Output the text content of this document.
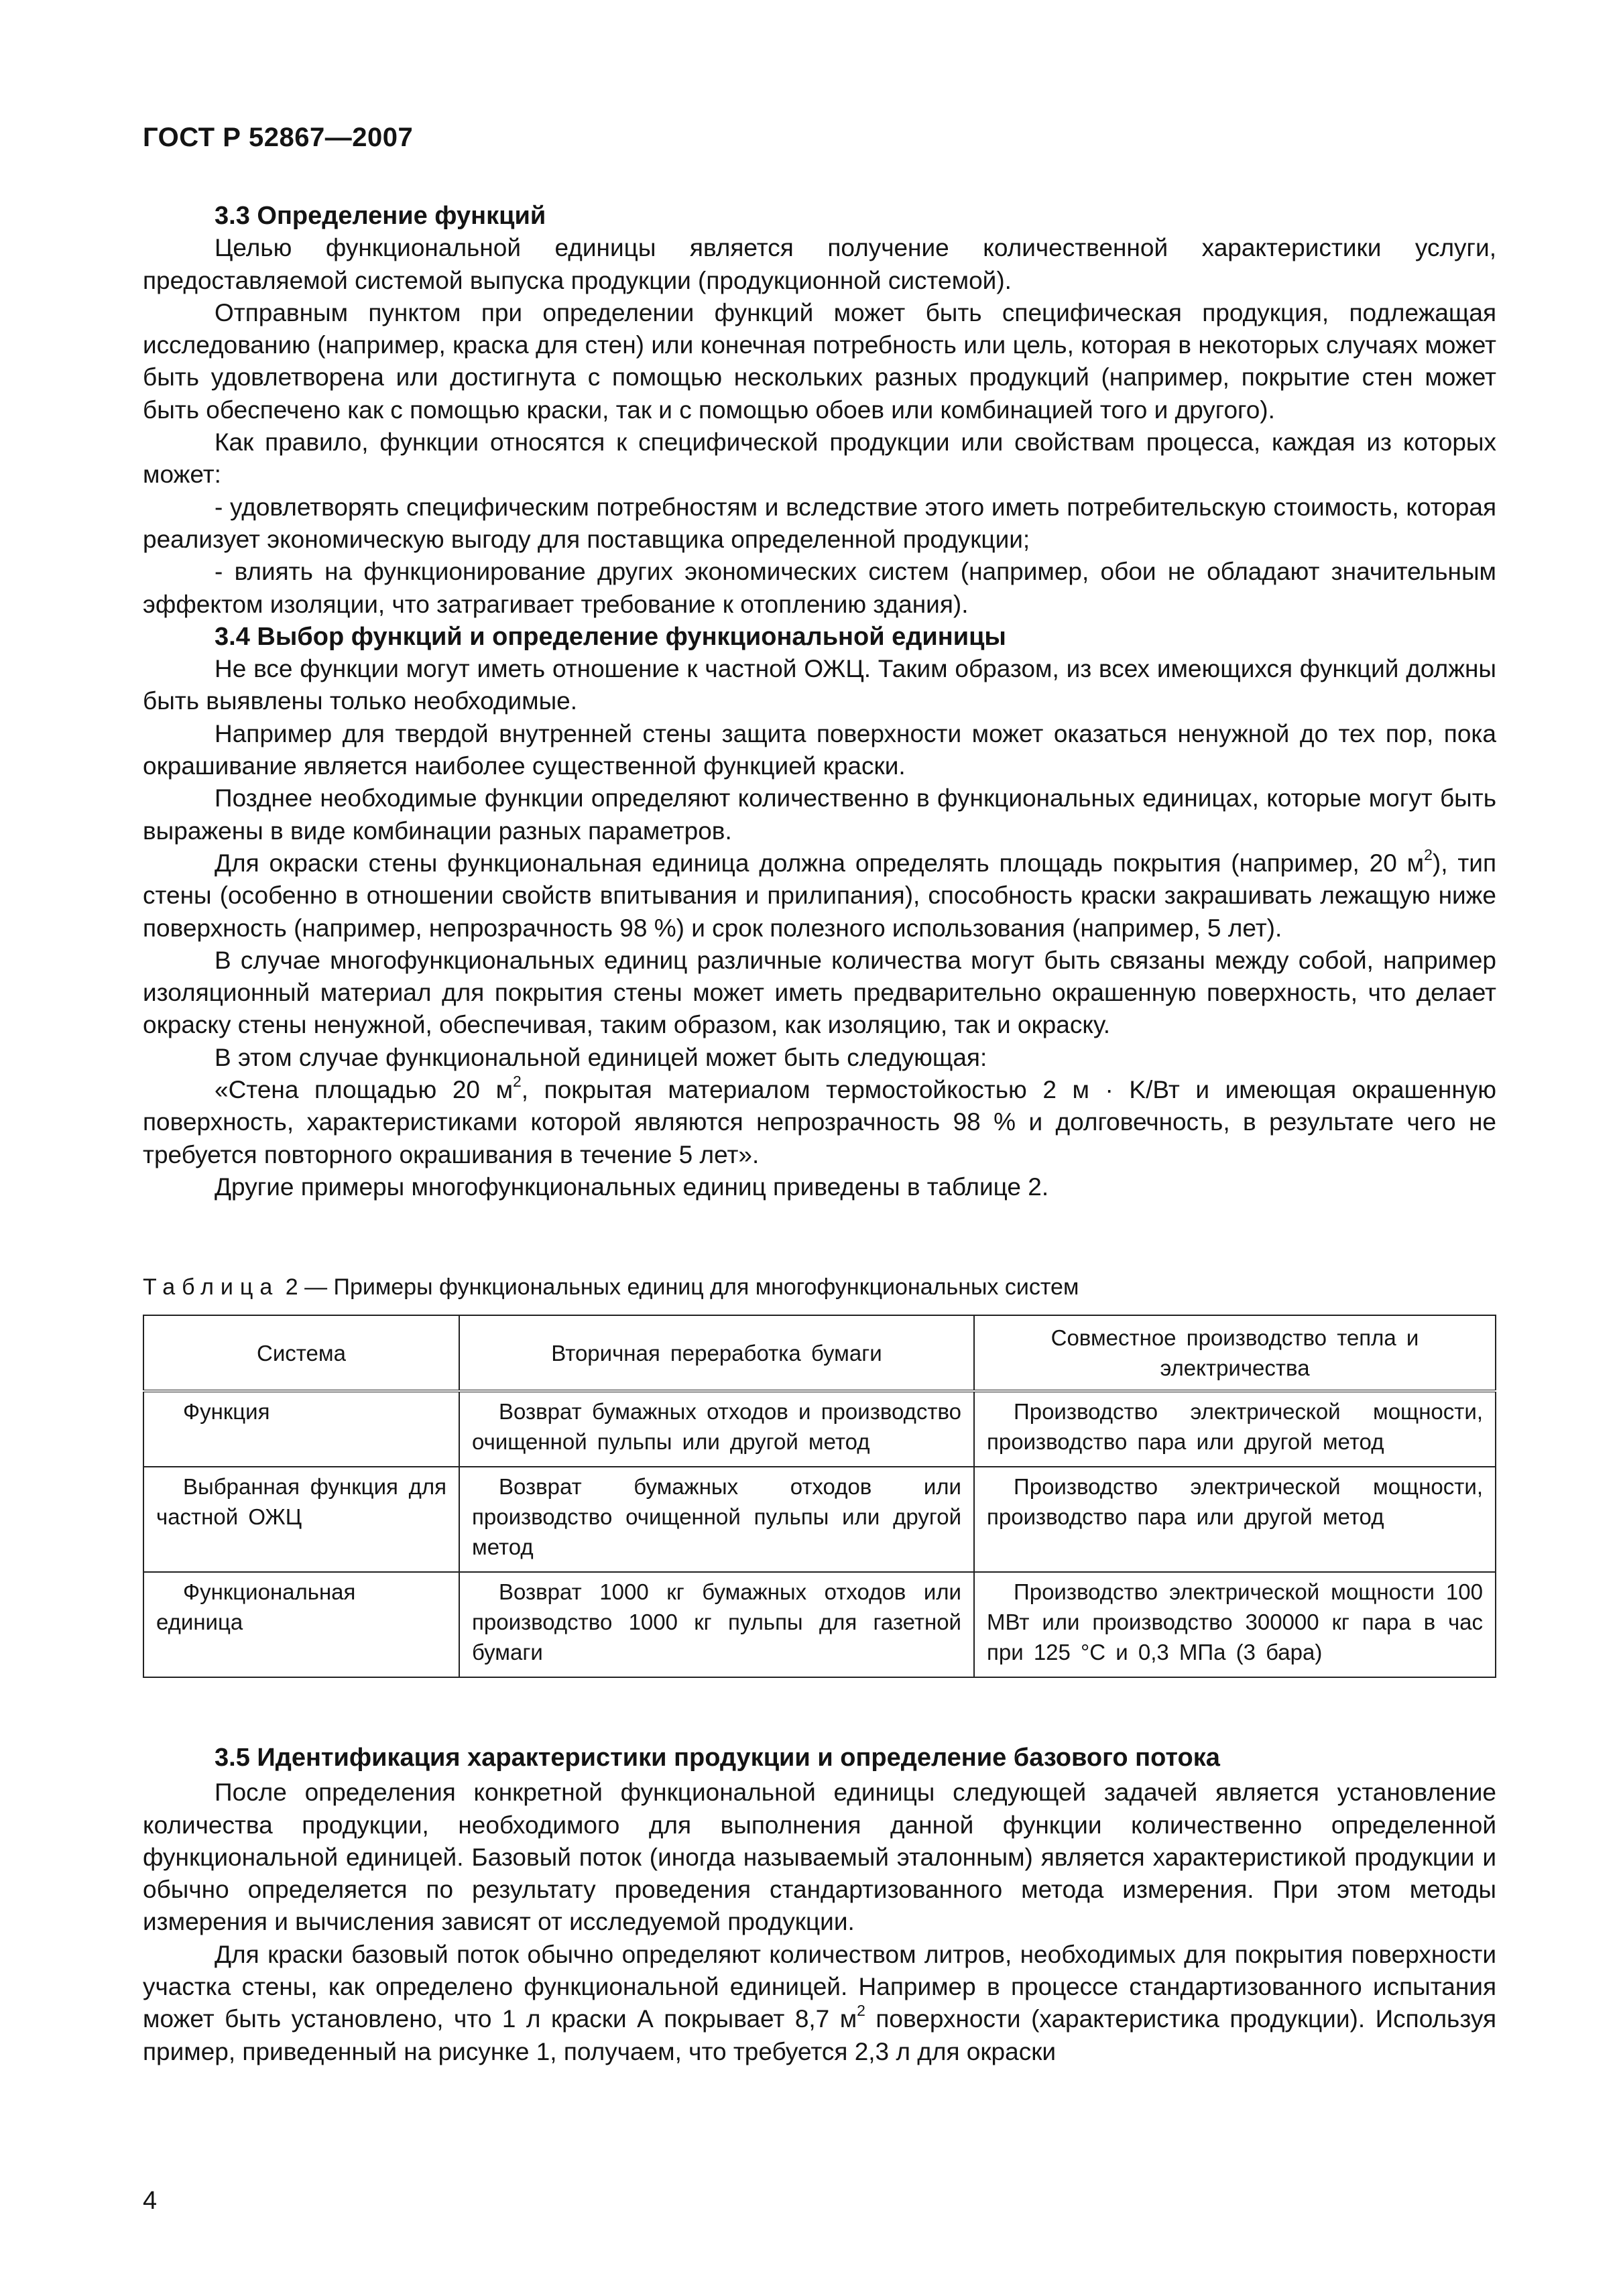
ГОСТ Р 52867—2007
3.3 Определение функций

Целью функциональной единицы является получение количественной характеристики услуги, предоставляемой системой выпуска продукции (продукционной системой).

Отправным пунктом при определении функций может быть специфическая продукция, подлежащая исследованию (например, краска для стен) или конечная потребность или цель, которая в некоторых случаях может быть удовлетворена или достигнута с помощью нескольких разных продукций (например, покрытие стен может быть обеспечено как с помощью краски, так и с помощью обоев или комбинацией того и другого).

Как правило, функции относятся к специфической продукции или свойствам процесса, каждая из которых может:

- удовлетворять специфическим потребностям и вследствие этого иметь потребительскую стоимость, которая реализует экономическую выгоду для поставщика определенной продукции;

- влиять на функционирование других экономических систем (например, обои не обладают значительным эффектом изоляции, что затрагивает требование к отоплению здания).

3.4 Выбор функций и определение функциональной единицы

Не все функции могут иметь отношение к частной ОЖЦ. Таким образом, из всех имеющихся функций должны быть выявлены только необходимые.

Например для твердой внутренней стены защита поверхности может оказаться ненужной до тех пор, пока окрашивание является наиболее существенной функцией краски.

Позднее необходимые функции определяют количественно в функциональных единицах, которые могут быть выражены в виде комбинации разных параметров.

Для окраски стены функциональная единица должна определять площадь покрытия (например, 20 $м^2$), тип стены (особенно в отношении свойств впитывания и прилипания), способность краски закрашивать лежащую ниже поверхность (например, непрозрачность 98 %) и срок полезного использования (например, 5 лет).

В случае многофункциональных единиц различные количества могут быть связаны между собой, например изоляционный материал для покрытия стены может иметь предварительно окрашенную поверхность, что делает окраску стены ненужной, обеспечивая, таким образом, как изоляцию, так и окраску.

В этом случае функциональной единицей может быть следующая:

«Стена площадью 20 $м^2$, покрытая материалом термостойкостью 2 м · K/Вт и имеющая окрашенную поверхность, характеристиками которой являются непрозрачность 98 % и долговечность, в результате чего не требуется повторного окрашивания в течение 5 лет».

Другие примеры многофункциональных единиц приведены в таблице 2.

Таблица 2 — Примеры функциональных единиц для многофункциональных систем
Система	Вторичная переработка бумаги	Совместное производство тепла и электричества

Функция	Возврат бумажных отходов и производство очищенной пульпы или другой метод	Производство электрической мощности, производство пара или другой метод

Выбранная функция для частной ОЖЦ	Возврат бумажных отходов или производство очищенной пульпы или другой метод	Производство электрической мощности, производство пара или другой метод

Функциональная единица	Возврат 1000 кг бумажных отходов или производство 1000 кг пульпы для газетной бумаги	Производство электрической мощности 100 МВт или производство 300000 кг пара в час при 125 °С и 0,3 МПа (3 бара)
3.5 Идентификация характеристики продукции и определение базового потока

После определения конкретной функциональной единицы следующей задачей является установление количества продукции, необходимого для выполнения данной функции количественно определенной функциональной единицей. Базовый поток (иногда называемый эталонным) является характеристикой продукции и обычно определяется по результату проведения стандартизованного метода измерения. При этом методы измерения и вычисления зависят от исследуемой продукции.

Для краски базовый поток обычно определяют количеством литров, необходимых для покрытия поверхности участка стены, как определено функциональной единицей. Например в процессе стандартизованного испытания может быть установлено, что 1 л краски А покрывает 8,7 $м^2$ поверхности (характеристика продукции). Используя пример, приведенный на рисунке 1, получаем, что требуется 2,3 л для окраски

4
